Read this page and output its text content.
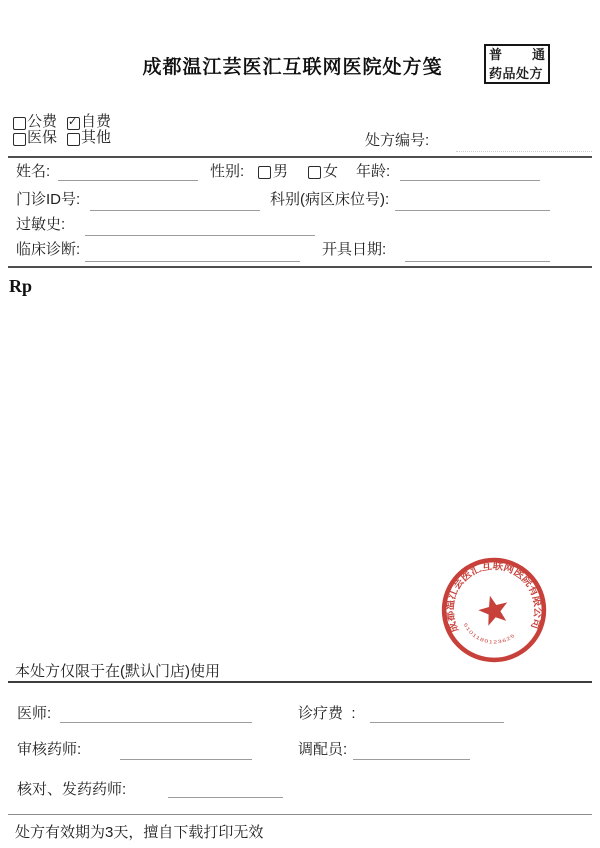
成都温江芸医汇互联网医院处方笺
普 通
药品处方
公费 ✓ 自费
医保 其他	处方编号:
姓名:	性别: 男 女 年龄:
门诊ID号:	科别(病区床位号):
过敏史:
临床诊断:	开具日期:
Rp
成都温江芸医汇互联网医院有限公司
5101180123625
本处方仅限于在(默认门店)使用
医师:	诊疗费  :
审核药师:	调配员:
核对、发药药师:
处方有效期为3天，擅自下载打印无效
